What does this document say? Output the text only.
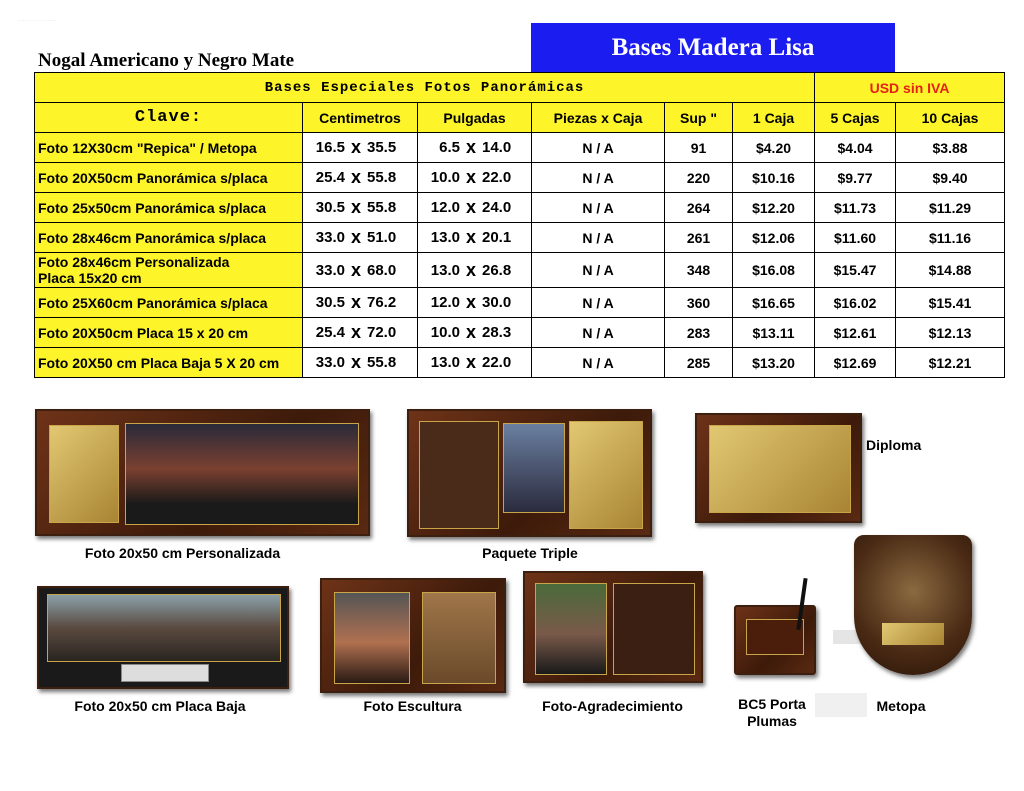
· · · · · · · · · · · · · · · ·
Nogal Americano y Negro Mate	Bases Madera Lisa
Bases Especiales Fotos Panorámicas						USD sin IVA	
Clave:	Centimetros	Pulgadas	Piezas x Caja	Sup "	1 Caja	5 Cajas	10 Cajas
Foto 12X30cm "Repica" / Metopa	16.5 x 35.5	6.5 x 14.0	N / A	91	$4.20	$4.04	$3.88
Foto 20X50cm Panorámica s/placa	25.4 x 55.8	10.0 x 22.0	N / A	220	$10.16	$9.77	$9.40
Foto 25x50cm Panorámica s/placa	30.5 x 55.8	12.0 x 24.0	N / A	264	$12.20	$11.73	$11.29
Foto 28x46cm Panorámica s/placa	33.0 x 51.0	13.0 x 20.1	N / A	261	$12.06	$11.60	$11.16
Foto 28x46cm Personalizada
Placa 15x20 cm	33.0 x 68.0	13.0 x 26.8	N / A	348	$16.08	$15.47	$14.88
Foto 25X60cm Panorámica s/placa	30.5 x 76.2	12.0 x 30.0	N / A	360	$16.65	$16.02	$15.41
Foto 20X50cm Placa 15 x 20 cm	25.4 x 72.0	10.0 x 28.3	N / A	283	$13.11	$12.61	$12.13
Foto 20X50 cm Placa Baja 5 X 20 cm	33.0 x 55.8	13.0 x 22.0	N / A	285	$13.20	$12.69	$12.21
Foto 20x50 cm Personalizada	Paquete Triple
Diploma
Foto 20x50 cm Placa Baja	Foto Escultura	Foto-Agradecimiento	BC5 Porta
Plumas
Metopa
